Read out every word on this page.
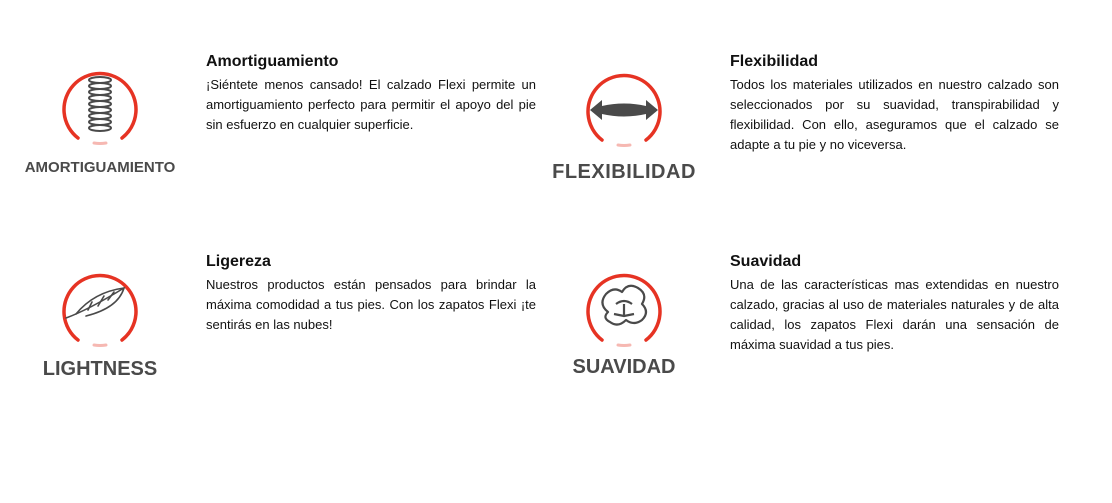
AMORTIGUAMIENTO
Amortiguamiento

¡Siéntete menos cansado! El calzado Flexi permite un amortiguamiento perfecto para permitir el apoyo del pie sin esfuerzo en cualquier superficie.

FLEXIBILIDAD
Flexibilidad

Todos los materiales utilizados en nuestro calzado son seleccionados por su suavidad, transpirabilidad y flexibilidad. Con ello, aseguramos que el calzado se adapte a tu pie y no viceversa.

LIGHTNESS
Ligereza

Nuestros productos están pensados para brindar la máxima comodidad a tus pies. Con los zapatos Flexi ¡te sentirás en las nubes!

SUAVIDAD
Suavidad

Una de las características mas extendidas en nuestro calzado, gracias al uso de materiales naturales y de alta calidad, los zapatos Flexi darán una sensación de máxima suavidad a tus pies.
